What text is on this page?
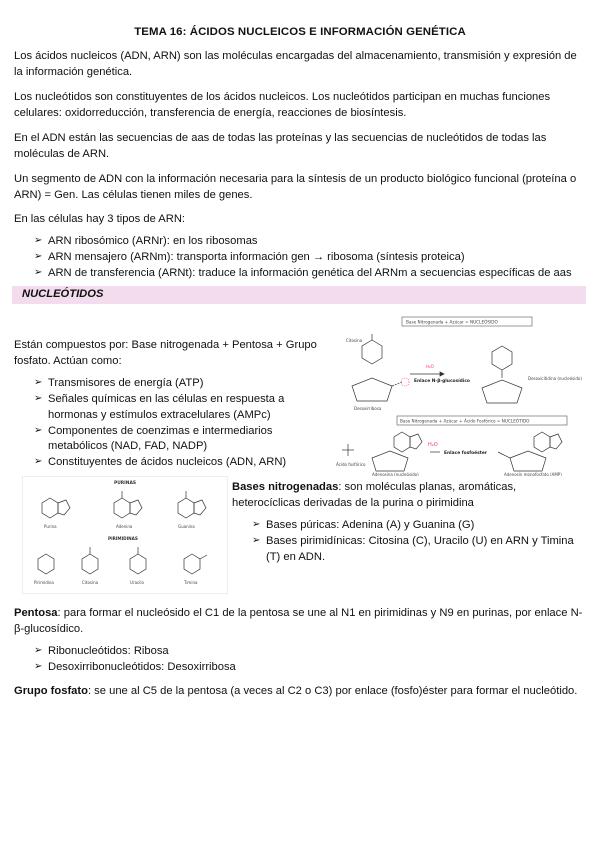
TEMA 16: ÁCIDOS NUCLEICOS E INFORMACIÓN GENÉTICA

Los ácidos nucleicos (ADN, ARN) son las moléculas encargadas del almacenamiento, transmisión y expresión de la información genética.

Los nucleótidos son constituyentes de los ácidos nucleicos. Los nucleótidos participan en muchas funciones celulares: oxidorreducción, transferencia de energía, reacciones de biosíntesis.

En el ADN están las secuencias de aas de todas las proteínas y las secuencias de nucleótidos de todas las moléculas de ARN.

Un segmento de ADN con la información necesaria para la síntesis de un producto biológico funcional (proteína o ARN) = Gen. Las células tienen miles de genes.

En las células hay 3 tipos de ARN:

➢ ARN ribosómico (ARNr): en los ribosomas
➢ ARN mensajero (ARNm): transporta información gen → ribosoma (síntesis proteica)
➢ ARN de transferencia (ARNt): traduce la información genética del ARNm a secuencias específicas de aas
NUCLEÓTIDOS

Están compuestos por: Base nitrogenada + Pentosa + Grupo fosfato. Actúan como:

➢ Transmisores de energía (ATP)
➢ Señales químicas en las células en respuesta a hormonas y estímulos extracelulares (AMPc)
➢ Componentes de coenzimas e intermediarios metabólicos (NAD, FAD, NADP)
➢ Constituyentes de ácidos nucleicos (ADN, ARN)
Base Nitrogenada + Azúcar = NUCLEÓSIDO
Citosina
Desoxirribosa
H₂O
Enlace N-β-glucosídico
Desoxicitidina (nucleósido)
Base Nitrogenada + Azúcar + Ácido Fosfórico = NUCLEÓTIDO
Ácido fosfórico
Adenosina (nucleósido)
H₂O
Enlace fosfoéster
Adenosín monofosfato (AMP)
PURINAS
Purina	Adenina	Guanina
PIRIMIDINAS
Pirimidina	Citosina	Uracilo	Timina

Bases nitrogenadas: son moléculas planas, aromáticas, heterocíclicas derivadas de la purina o pirimidina

➢ Bases púricas: Adenina (A) y Guanina (G)
➢ Bases pirimidínicas: Citosina (C), Uracilo (U) en ARN y Timina (T) en ADN.

Pentosa: para formar el nucleósido el C1 de la pentosa se une al N1 en pirimidinas y N9 en purinas, por enlace N-β-glucosídico.

➢ Ribonucleótidos: Ribosa
➢ Desoxirribonucleótidos: Desoxirribosa

Grupo fosfato: se une al C5 de la pentosa (a veces al C2 o C3) por enlace (fosfo)éster para formar el nucleótido.
